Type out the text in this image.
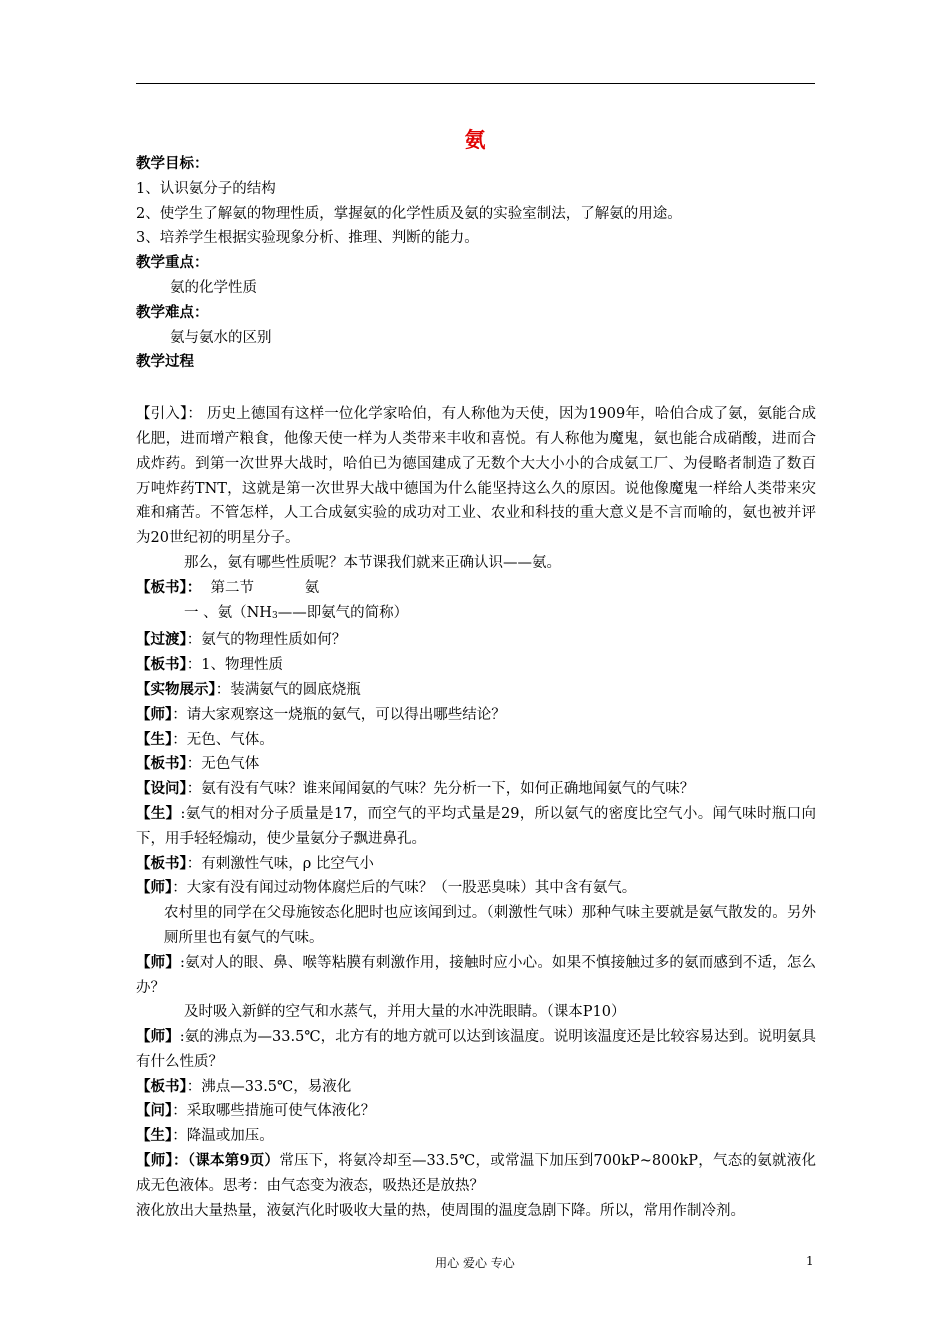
氨

教学目标：

1、认识氨分子的结构

2、使学生了解氨的物理性质，掌握氨的化学性质及氨的实验室制法，了解氨的用途。

3、培养学生根据实验现象分析、推理、判断的能力。

教学重点：

氨的化学性质

教学难点：

氨与氨水的区别

教学过程

【引入】： 历史上德国有这样一位化学家哈伯，有人称他为天使，因为1909年，哈伯合成了氨，氨能合成化肥，进而增产粮食，他像天使一样为人类带来丰收和喜悦。有人称他为魔鬼，氨也能合成硝酸，进而合成炸药。到第一次世界大战时，哈伯已为德国建成了无数个大大小小的合成氨工厂、为侵略者制造了数百万吨炸药TNT，这就是第一次世界大战中德国为什么能坚持这么久的原因。说他像魔鬼一样给人类带来灾难和痛苦。不管怎样，人工合成氨实验的成功对工业、农业和科技的重大意义是不言而喻的，氨也被并评为20世纪初的明星分子。

那么，氨有哪些性质呢？本节课我们就来正确认识——氨。

【板书】： 第二节	氨

一 、氨（NH3——即氨气的简称）

【过渡】：氨气的物理性质如何？

【板书】：1、物理性质

【实物展示】：装满氨气的圆底烧瓶

【师】：请大家观察这一烧瓶的氨气，可以得出哪些结论？

【生】：无色、气体。

【板书】：无色气体

【设问】：氨有没有气味？谁来闻闻氨的气味？先分析一下，如何正确地闻氨气的气味？

【生】:氨气的相对分子质量是17，而空气的平均式量是29，所以氨气的密度比空气小。闻气味时瓶口向下，用手轻轻煽动，使少量氨分子飘进鼻孔。

【板书】：有刺激性气味，ρ 比空气小

【师】：大家有没有闻过动物体腐烂后的气味？（一股恶臭味）其中含有氨气。

农村里的同学在父母施铵态化肥时也应该闻到过。（刺激性气味）那种气味主要就是氨气散发的。另外厕所里也有氨气的气味。

【师】:氨对人的眼、鼻、喉等粘膜有刺激作用，接触时应小心。如果不慎接触过多的氨而感到不适，怎么办？

及时吸入新鲜的空气和水蒸气，并用大量的水冲洗眼睛。（课本P10）

【师】:氨的沸点为—33.5℃，北方有的地方就可以达到该温度。说明该温度还是比较容易达到。说明氨具有什么性质？

【板书】：沸点—33.5℃，易液化

【问】：采取哪些措施可使气体液化？

【生】：降温或加压。

【师】：（课本第9页）常压下，将氨冷却至—33.5℃，或常温下加压到700kP~800kP，气态的氨就液化成无色液体。思考：由气态变为液态，吸热还是放热？

液化放出大量热量，液氨汽化时吸收大量的热，使周围的温度急剧下降。所以，常用作制冷剂。

用心 爱心 专心	1
